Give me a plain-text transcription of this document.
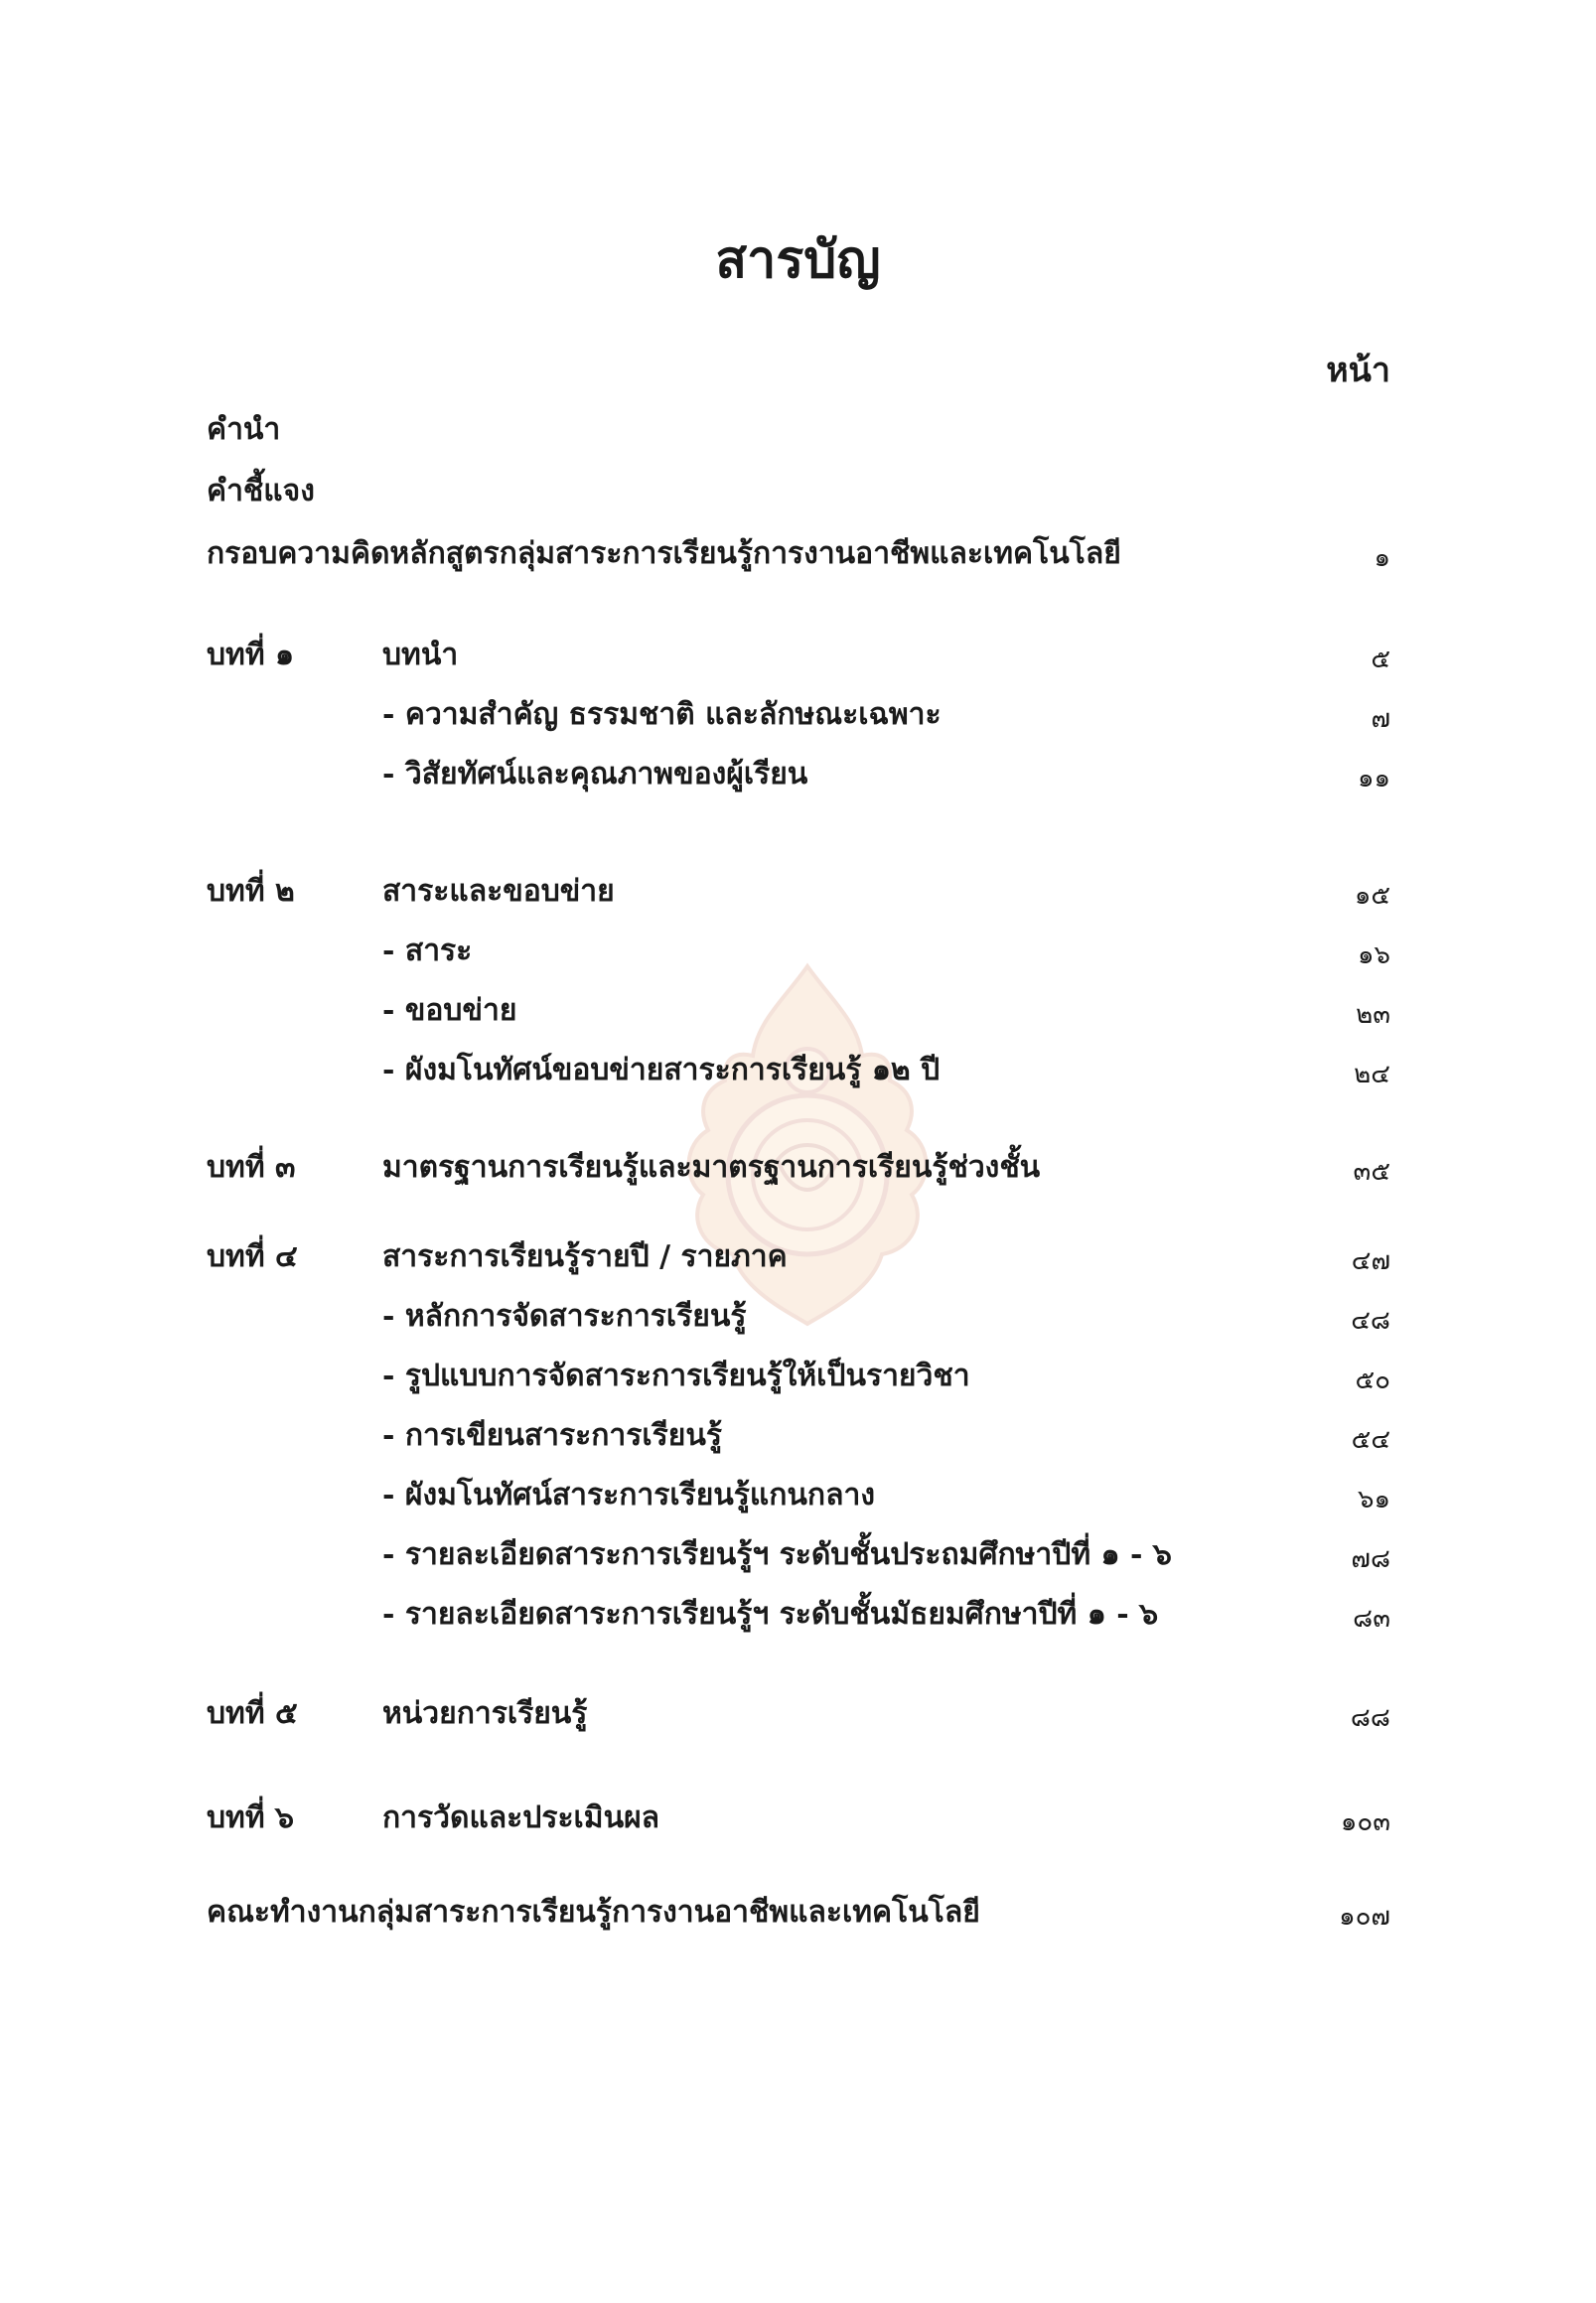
สารบัญ
หน้า
คำนำ
คำชี้แจง
กรอบความคิดหลักสูตรกลุ่มสาระการเรียนรู้การงานอาชีพและเทคโนโลยี	๑
บทที่ ๑	บทนำ	๕
- ความสำคัญ ธรรมชาติ และลักษณะเฉพาะ	๗
- วิสัยทัศน์และคุณภาพของผู้เรียน	๑๑
บทที่ ๒	สาระและขอบข่าย	๑๕
- สาระ	๑๖
- ขอบข่าย	๒๓
- ผังมโนทัศน์ขอบข่ายสาระการเรียนรู้ ๑๒ ปี	๒๔
บทที่ ๓	มาตรฐานการเรียนรู้และมาตรฐานการเรียนรู้ช่วงชั้น	๓๕
บทที่ ๔	สาระการเรียนรู้รายปี / รายภาค	๔๗
- หลักการจัดสาระการเรียนรู้	๔๘
- รูปแบบการจัดสาระการเรียนรู้ให้เป็นรายวิชา	๕๐
- การเขียนสาระการเรียนรู้	๕๔
- ผังมโนทัศน์สาระการเรียนรู้แกนกลาง	๖๑
- รายละเอียดสาระการเรียนรู้ฯ ระดับชั้นประถมศึกษาปีที่ ๑ - ๖	๗๘
- รายละเอียดสาระการเรียนรู้ฯ ระดับชั้นมัธยมศึกษาปีที่ ๑ - ๖	๘๓
บทที่ ๕	หน่วยการเรียนรู้	๘๘
บทที่ ๖	การวัดและประเมินผล	๑๐๓
คณะทำงานกลุ่มสาระการเรียนรู้การงานอาชีพและเทคโนโลยี	๑๐๗
